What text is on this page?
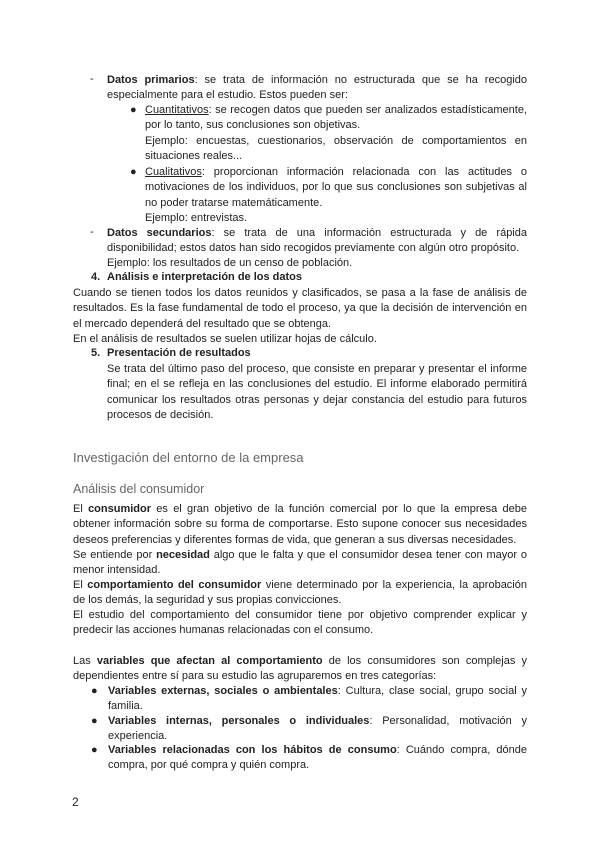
- Datos primarios: se trata de información no estructurada que se ha recogido especialmente para el estudio. Estos pueden ser:

● Cuantitativos: se recogen datos que pueden ser analizados estadísticamente, por lo tanto, sus conclusiones son objetivas.

Ejemplo: encuestas, cuestionarios, observación de comportamientos en situaciones reales...

● Cualitativos: proporcionan información relacionada con las actitudes o motivaciones de los individuos, por lo que sus conclusiones son subjetivas al no poder tratarse matemáticamente.

Ejemplo: entrevistas.

- Datos secundarios: se trata de una información estructurada y de rápida disponibilidad; estos datos han sido recogidos previamente con algún otro propósito.

Ejemplo: los resultados de un censo de población.

4. Análisis e interpretación de los datos

Cuando se tienen todos los datos reunidos y clasificados, se pasa a la fase de análisis de resultados. Es la fase fundamental de todo el proceso, ya que la decisión de intervención en el mercado dependerá del resultado que se obtenga.

En el análisis de resultados se suelen utilizar hojas de cálculo.

5. Presentación de resultados

Se trata del último paso del proceso, que consiste en preparar y presentar el informe final; en el se refleja en las conclusiones del estudio. El informe elaborado permitirá comunicar los resultados otras personas y dejar constancia del estudio para futuros procesos de decisión.

Investigación del entorno de la empresa
Análisis del consumidor

El consumidor es el gran objetivo de la función comercial por lo que la empresa debe obtener información sobre su forma de comportarse. Esto supone conocer sus necesidades deseos preferencias y diferentes formas de vida, que generan a sus diversas necesidades.

Se entiende por necesidad algo que le falta y que el consumidor desea tener con mayor o menor intensidad.

El comportamiento del consumidor viene determinado por la experiencia, la aprobación de los demás, la seguridad y sus propias convicciones.

El estudio del comportamiento del consumidor tiene por objetivo comprender explicar y predecir las acciones humanas relacionadas con el consumo.

Las variables que afectan al comportamiento de los consumidores son complejas y dependientes entre sí para su estudio las agruparemos en tres categorías:

● Variables externas, sociales o ambientales: Cultura, clase social, grupo social y familia.

● Variables internas, personales o individuales: Personalidad, motivación y experiencia.

● Variables relacionadas con los hábitos de consumo: Cuándo compra, dónde compra, por qué compra y quién compra.

2
